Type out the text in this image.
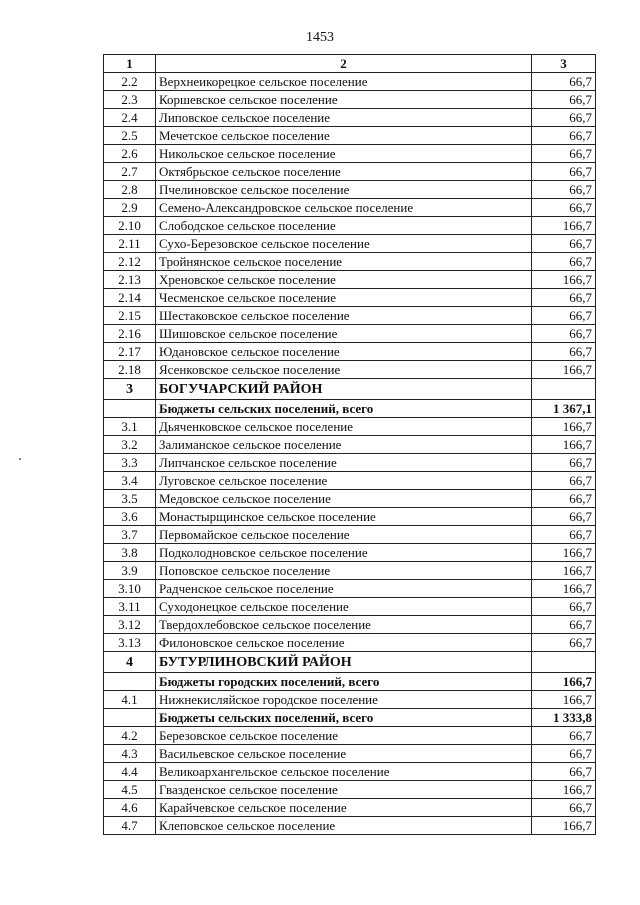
1453
1	2	3
2.2	Верхнеикорецкое сельское поселение	66,7
2.3	Коршевское сельское поселение	66,7
2.4	Липовское сельское поселение	66,7
2.5	Мечетское сельское поселение	66,7
2.6	Никольское сельское поселение	66,7
2.7	Октябрьское сельское поселение	66,7
2.8	Пчелиновское сельское поселение	66,7
2.9	Семено-Александровское сельское поселение	66,7
2.10	Слободское сельское поселение	166,7
2.11	Сухо-Березовское сельское поселение	66,7
2.12	Тройнянское сельское поселение	66,7
2.13	Хреновское сельское поселение	166,7
2.14	Чесменское сельское поселение	66,7
2.15	Шестаковское сельское поселение	66,7
2.16	Шишовское сельское поселение	66,7
2.17	Юдановское сельское поселение	66,7
2.18	Ясенковское сельское поселение	166,7
3	БОГУЧАРСКИЙ РАЙОН	
	Бюджеты сельских поселений, всего	1 367,1
3.1	Дьяченковское сельское поселение	166,7
3.2	Залиманское сельское поселение	166,7
3.3	Липчанское сельское поселение	66,7
3.4	Луговское сельское поселение	66,7
3.5	Медовское сельское поселение	66,7
3.6	Монастырщинское сельское поселение	66,7
3.7	Первомайское сельское поселение	66,7
3.8	Подколодновское сельское поселение	166,7
3.9	Поповское сельское поселение	166,7
3.10	Радченское сельское поселение	166,7
3.11	Суходонецкое сельское поселение	66,7
3.12	Твердохлебовское сельское поселение	66,7
3.13	Филоновское сельское поселение	66,7
4	БУТУРЛИНОВСКИЙ РАЙОН	
	Бюджеты городских поселений, всего	166,7
4.1	Нижнекисляйское городское поселение	166,7
	Бюджеты сельских поселений, всего	1 333,8
4.2	Березовское сельское поселение	66,7
4.3	Васильевское сельское поселение	66,7
4.4	Великоархангельское сельское поселение	66,7
4.5	Гвазденское сельское поселение	166,7
4.6	Карайчевское сельское поселение	66,7
4.7	Клеповское сельское поселение	166,7
